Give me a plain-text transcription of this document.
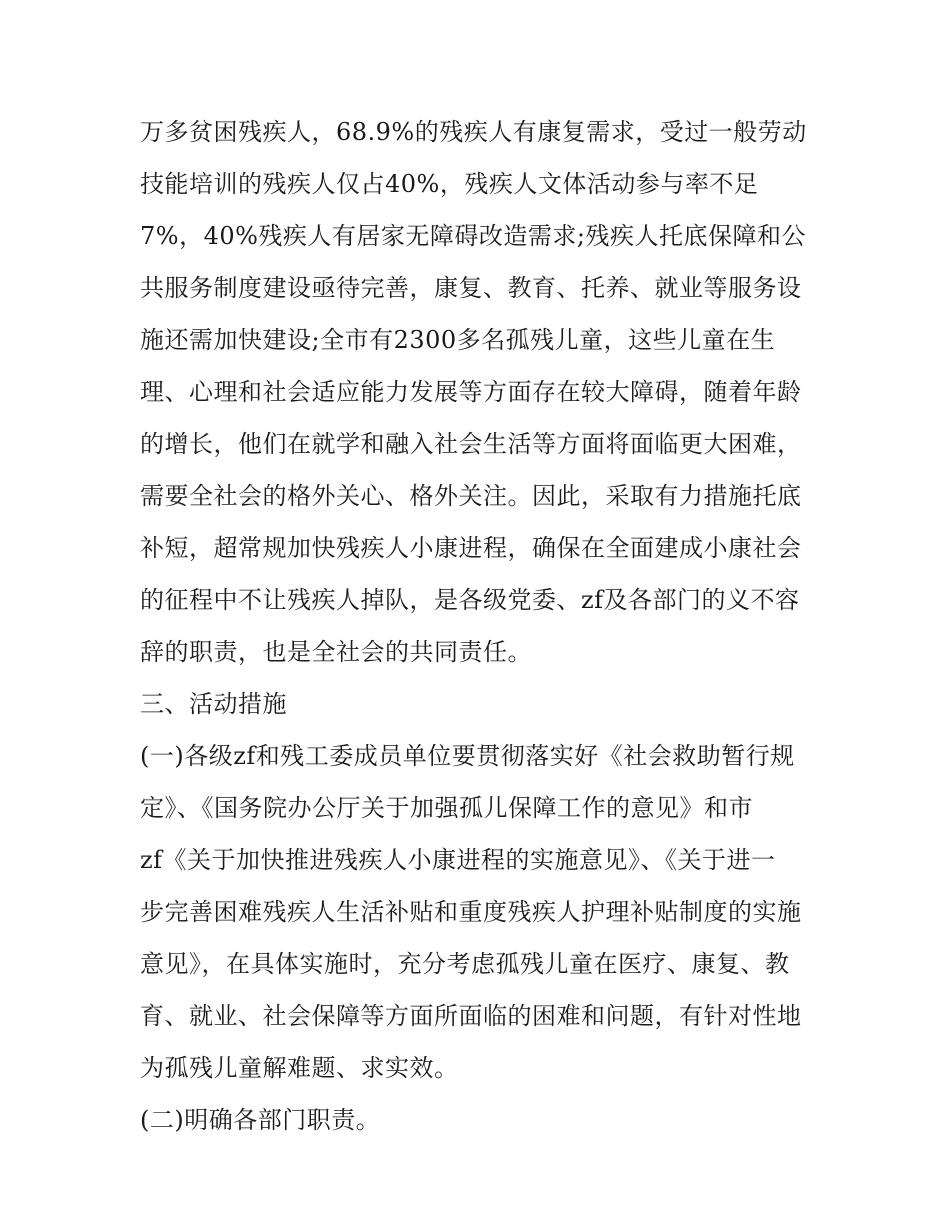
万多贫困残疾人，68.9%的残疾人有康复需求，受过一般劳动
技能培训的残疾人仅占40%，残疾人文体活动参与率不足
7%，40%残疾人有居家无障碍改造需求;残疾人托底保障和公
共服务制度建设亟待完善，康复、教育、托养、就业等服务设
施还需加快建设;全市有2300多名孤残儿童，这些儿童在生
理、心理和社会适应能力发展等方面存在较大障碍，随着年龄
的增长，他们在就学和融入社会生活等方面将面临更大困难，
需要全社会的格外关心、格外关注。因此，采取有力措施托底
补短，超常规加快残疾人小康进程，确保在全面建成小康社会
的征程中不让残疾人掉队，是各级党委、zf及各部门的义不容
辞的职责，也是全社会的共同责任。
三、活动措施
(一)各级zf和残工委成员单位要贯彻落实好《社会救助暂行规
定》、《国务院办公厅关于加强孤儿保障工作的意见》和市
zf《关于加快推进残疾人小康进程的实施意见》、《关于进一
步完善困难残疾人生活补贴和重度残疾人护理补贴制度的实施
意见》，在具体实施时，充分考虑孤残儿童在医疗、康复、教
育、就业、社会保障等方面所面临的困难和问题，有针对性地
为孤残儿童解难题、求实效。
(二)明确各部门职责。
